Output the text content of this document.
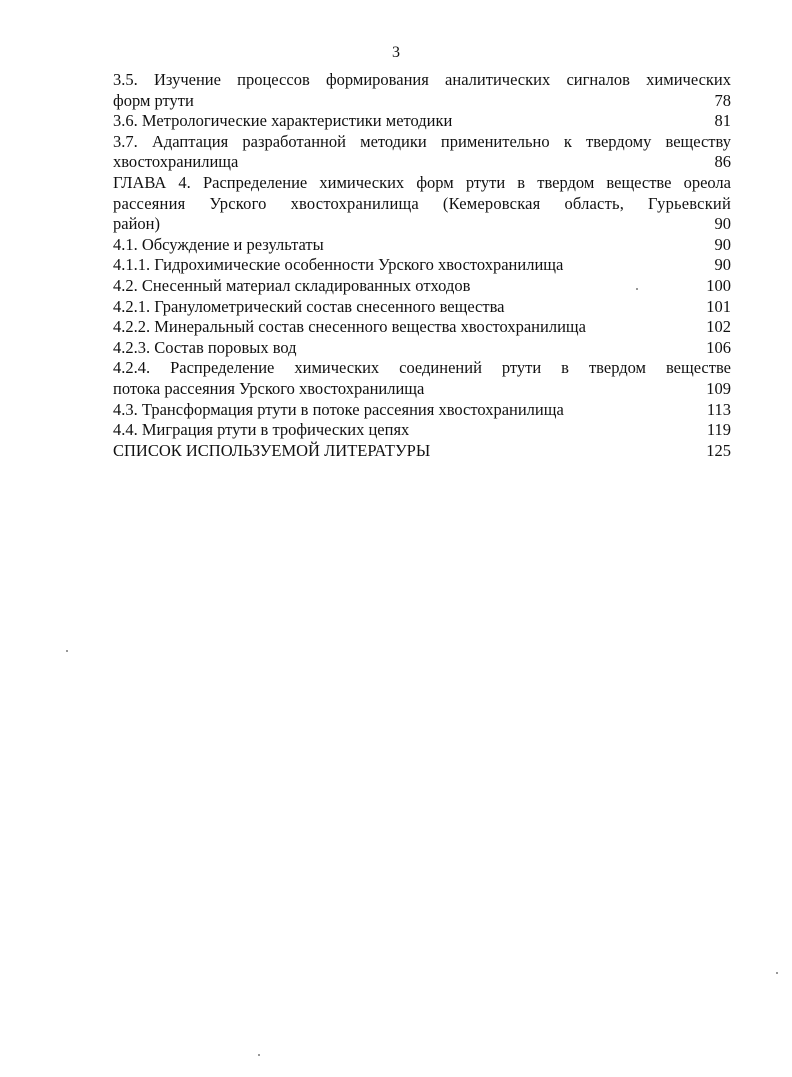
3
3.5. Изучение процессов формирования аналитических сигналов химических
форм ртути	78
3.6. Метрологические характеристики методики	81
3.7. Адаптация разработанной методики применительно к твердому веществу
хвостохранилища	86
ГЛАВА 4. Распределение химических форм ртути в твердом веществе ореола
рассеяния Урского хвостохранилища (Кемеровская область, Гурьевский
район)	90
4.1. Обсуждение и результаты	90
4.1.1. Гидрохимические особенности Урского хвостохранилища	90
4.2. Снесенный материал складированных отходов	100
4.2.1. Гранулометрический состав снесенного вещества	101
4.2.2. Минеральный состав снесенного вещества хвостохранилища	102
4.2.3. Состав поровых вод	106
4.2.4. Распределение химических соединений ртути в твердом веществе
потока рассеяния Урского хвостохранилища	109
4.3. Трансформация ртути в потоке рассеяния хвостохранилища	113
4.4. Миграция ртути в трофических цепях	119
СПИСОК ИСПОЛЬЗУЕМОЙ ЛИТЕРАТУРЫ	125
